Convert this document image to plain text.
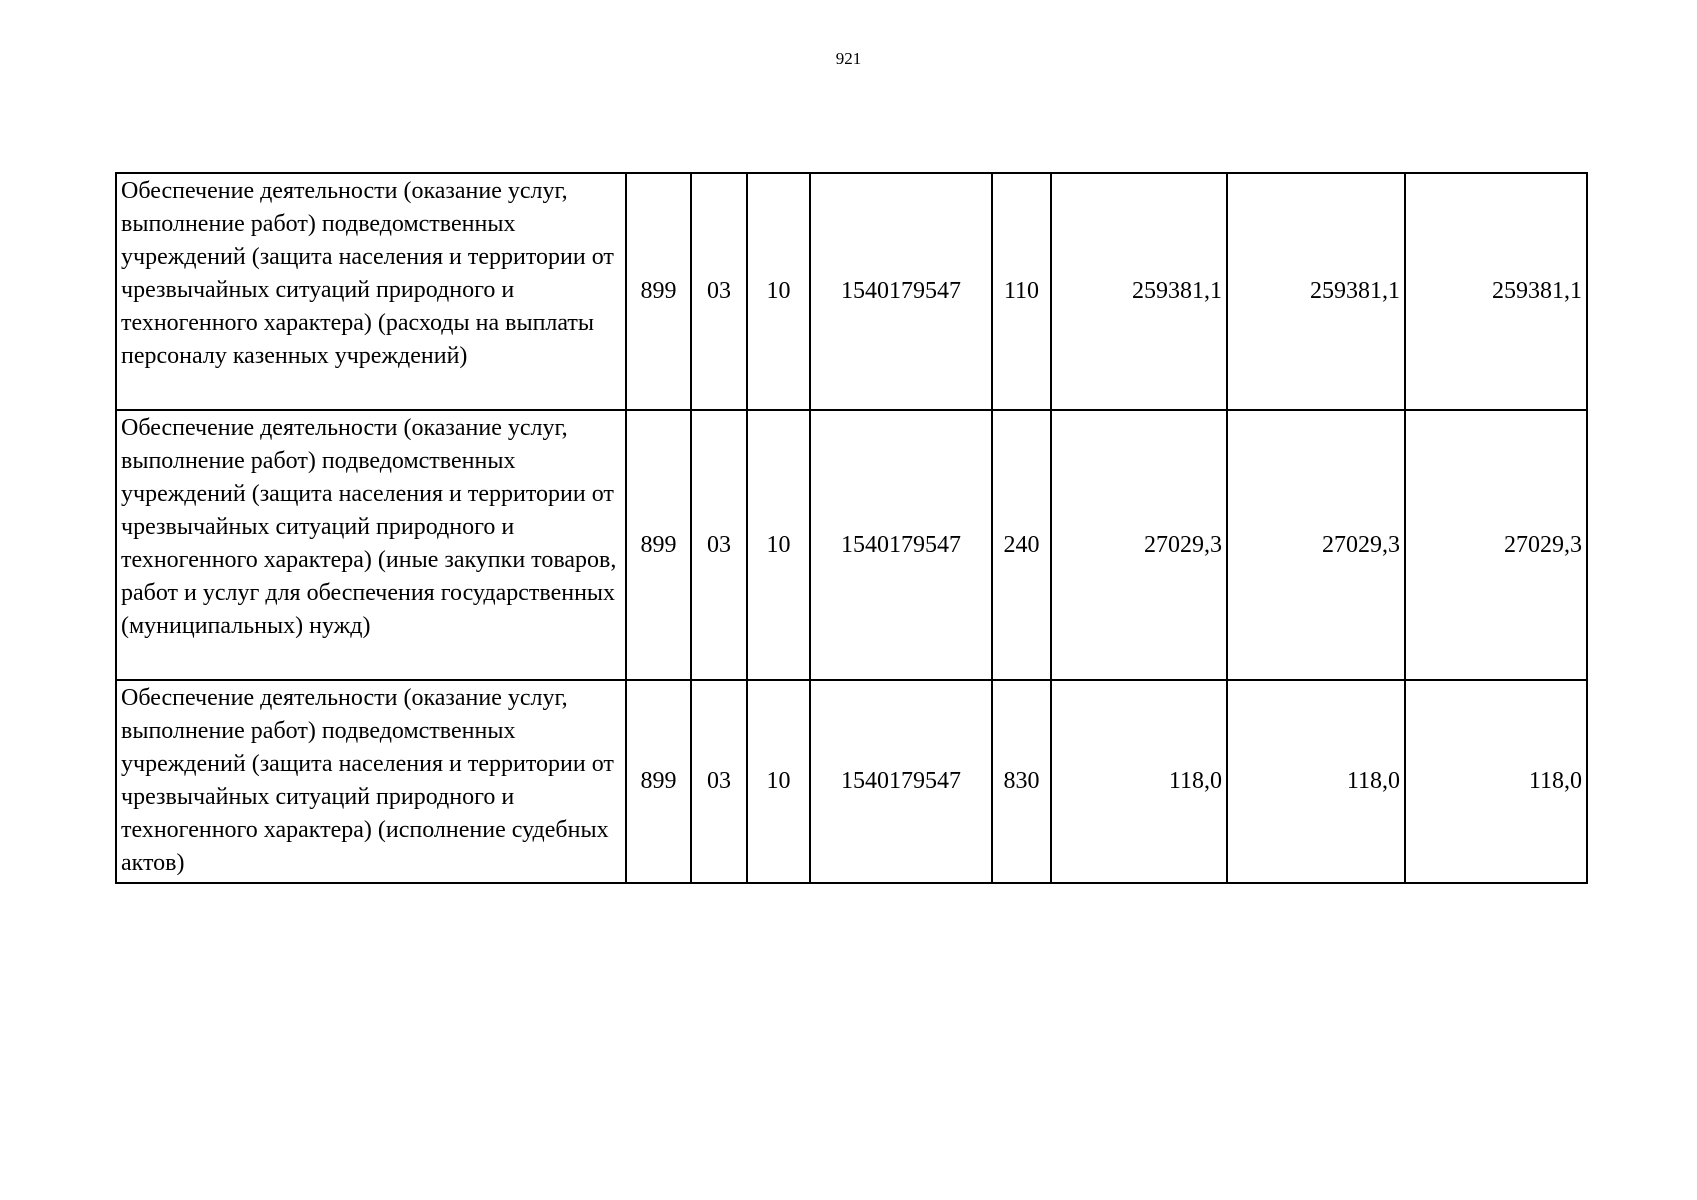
921
Обеспечение деятельности (оказание услуг, выполнение работ) подведомственных учреждений (защита населения и территории от чрезвычайных ситуаций природного и техногенного характера) (расходы на выплаты персоналу казенных учреждений)	899	03	10	1540179547	110	259381,1	259381,1	259381,1
Обеспечение деятельности (оказание услуг, выполнение работ) подведомственных учреждений (защита населения и территории от чрезвычайных ситуаций природного и техногенного характера) (иные закупки товаров, работ и услуг для обеспечения государственных (муниципальных) нужд)	899	03	10	1540179547	240	27029,3	27029,3	27029,3
Обеспечение деятельности (оказание услуг, выполнение работ) подведомственных учреждений (защита населения и территории от чрезвычайных ситуаций природного и техногенного характера) (исполнение судебных актов)	899	03	10	1540179547	830	118,0	118,0	118,0
